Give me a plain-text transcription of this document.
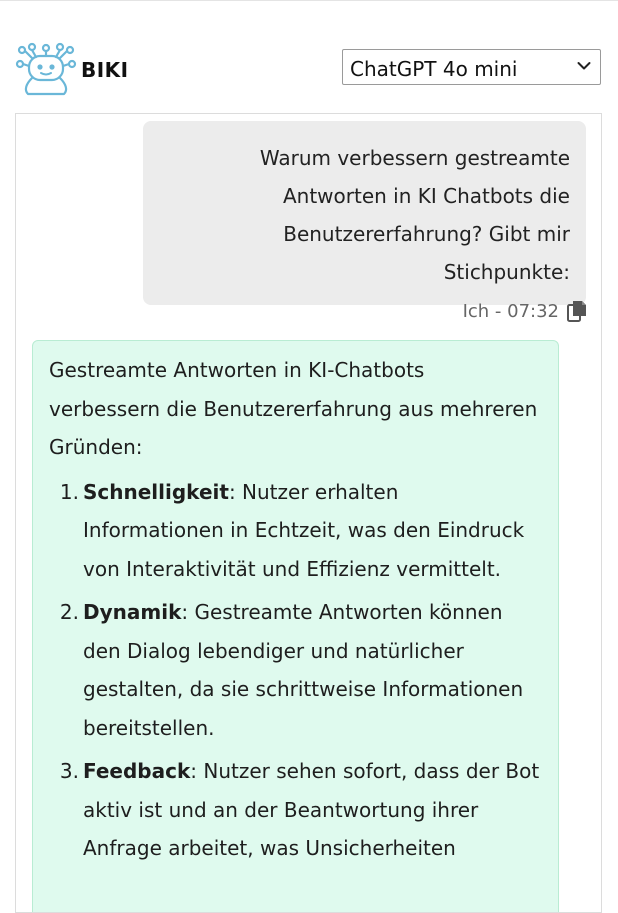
BIKI	ChatGPT 4o mini
Warum verbessern gestreamte Antworten in KI Chatbots die Benutzererfahrung? Gibt mir Stichpunkte:
Ich - 07:32

Gestreamte Antworten in KI-Chatbots verbessern die Benutzererfahrung aus mehreren Gründen:

1. Schnelligkeit: Nutzer erhalten Informationen in Echtzeit, was den Eindruck von Interaktivität und Effizienz vermittelt.
2. Dynamik: Gestreamte Antworten können den Dialog lebendiger und natürlicher gestalten, da sie schrittweise Informationen bereitstellen.
3. Feedback: Nutzer sehen sofort, dass der Bot aktiv ist und an der Beantwortung ihrer Anfrage arbeitet, was Unsicherheiten
